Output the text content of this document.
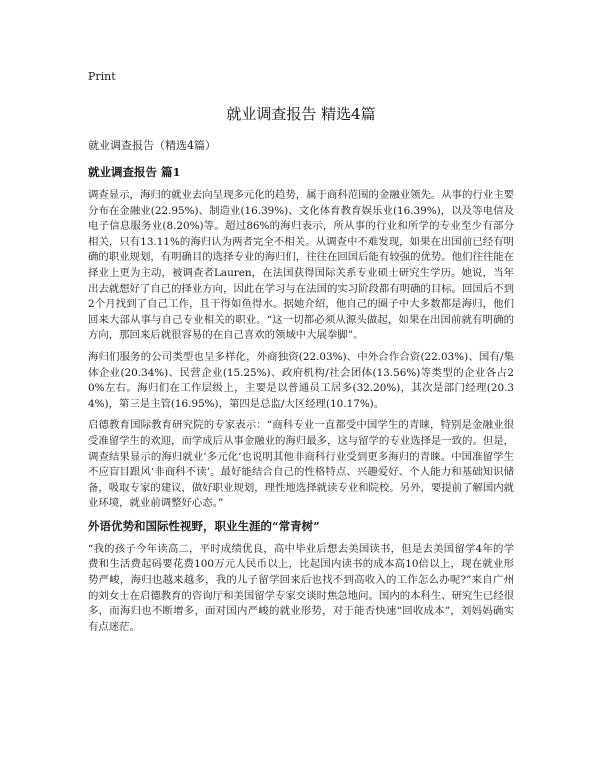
Print
就业调查报告 精选4篇
就业调查报告（精选4篇）
就业调查报告 篇1

调查显示，海归的就业去向呈现多元化的趋势，属于商科范围的金融业领先。从事的行业主要分布在金融业(22.95%)、制造业(16.39%)、文化体育教育娱乐业(16.39%)，以及等电信及电子信息服务业(8.20%)等。超过86%的海归表示，所从事的行业和所学的专业至少有部分相关，只有13.11%的海归认为两者完全不相关。从调查中不难发现，如果在出国前已经有明确的职业规划，有明确目的选择专业的海归们，往往在回国后能有较强的优势。他们往往能在择业上更为主动，被调查者Lauren，在法国获得国际关系专业硕士研究生学历。她说，当年出去就想好了自己的择业方向，因此在学习与在法国的实习阶段都有明确的目标。回国后不到2个月找到了自己工作，且干得如鱼得水。据她介绍，他自己的圈子中大多数都是海归，他们回来大部从事与自己专业相关的职业。“这一切都必须从源头做起，如果在出国前就有明确的方向，那回来后就很容易的在自己喜欢的领域中大展拳脚”。

海归们服务的公司类型也呈多样化，外商独资(22.03%)、中外合作合资(22.03%)、国有/集体企业(20.34%)、民营企业(15.25%)、政府机构/社会团体(13.56%)等类型的企业各占20%左右。海归们在工作层级上，主要是以普通员工居多(32.20%)，其次是部门经理(20.34%)，第三是主管(16.95%)，第四是总监/大区经理(10.17%)。

启德教育国际教育研究院的专家表示：“商科专业一直都受中国学生的青睐，特别是金融业很受准留学生的欢迎，而学成后从事金融业的海归最多，这与留学的专业选择是一致的。但是，调查结果显示的海归就业‘多元化’也说明其他非商科行业受到更多海归的青睐。中国准留学生不应盲目跟风‘非商科不读’。最好能结合自己的性格特点、兴趣爱好、个人能力和基础知识储备，吸取专家的建议，做好职业规划，理性地选择就读专业和院校。另外，要提前了解国内就业环境，就业前调整好心态。”

外语优势和国际性视野，职业生涯的“常青树”

“我的孩子今年读高二，平时成绩优良，高中毕业后想去美国读书，但是去美国留学4年的学费和生活费起码要花费100万元人民币以上，比起国内读书的成本高10倍以上，现在就业形势严峻，海归也越来越多，我的儿子留学回来后也找不到高收入的工作怎么办呢?”来自广州的刘女士在启德教育的咨询厅和美国留学专家交谈时焦急地问。国内的本科生、研究生已经很多，而海归也不断增多，面对国内严峻的就业形势，对于能否快速“回收成本”，刘妈妈确实有点迷茫。
